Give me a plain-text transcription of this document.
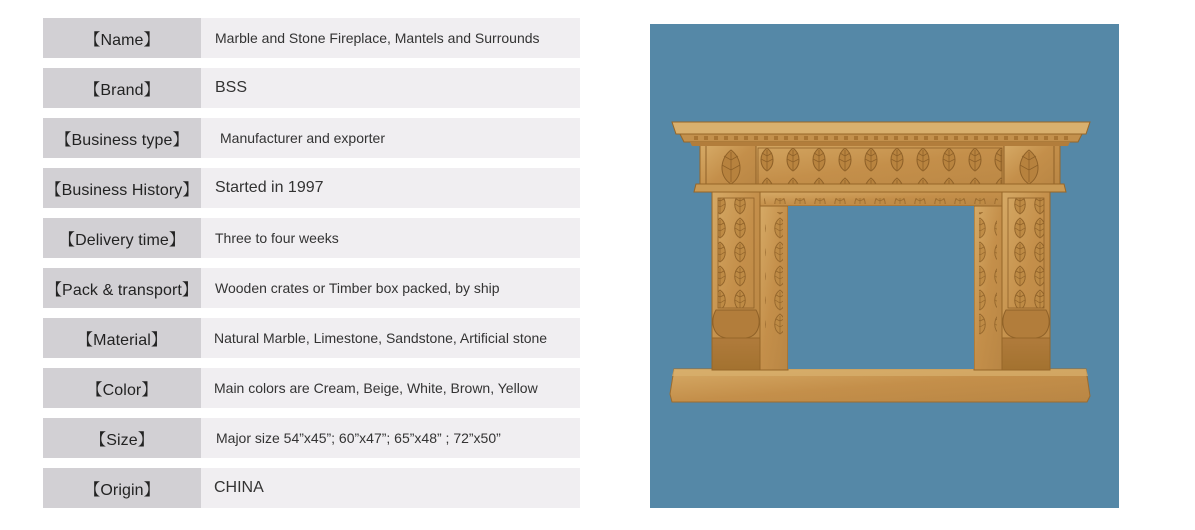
【Name】	Marble and Stone Fireplace, Mantels and Surrounds
【Brand】	BSS
【Business type】	Manufacturer and exporter
【Business History】	Started in 1997
【Delivery time】	Three to four weeks
【Pack & transport】	Wooden crates or Timber box packed, by ship
【Material】	Natural Marble, Limestone, Sandstone, Artificial stone
【Color】	Main colors are Cream, Beige, White, Brown, Yellow
【Size】	Major size 54”x45”; 60”x47”; 65”x48” ; 72”x50”
【Origin】	CHINA
